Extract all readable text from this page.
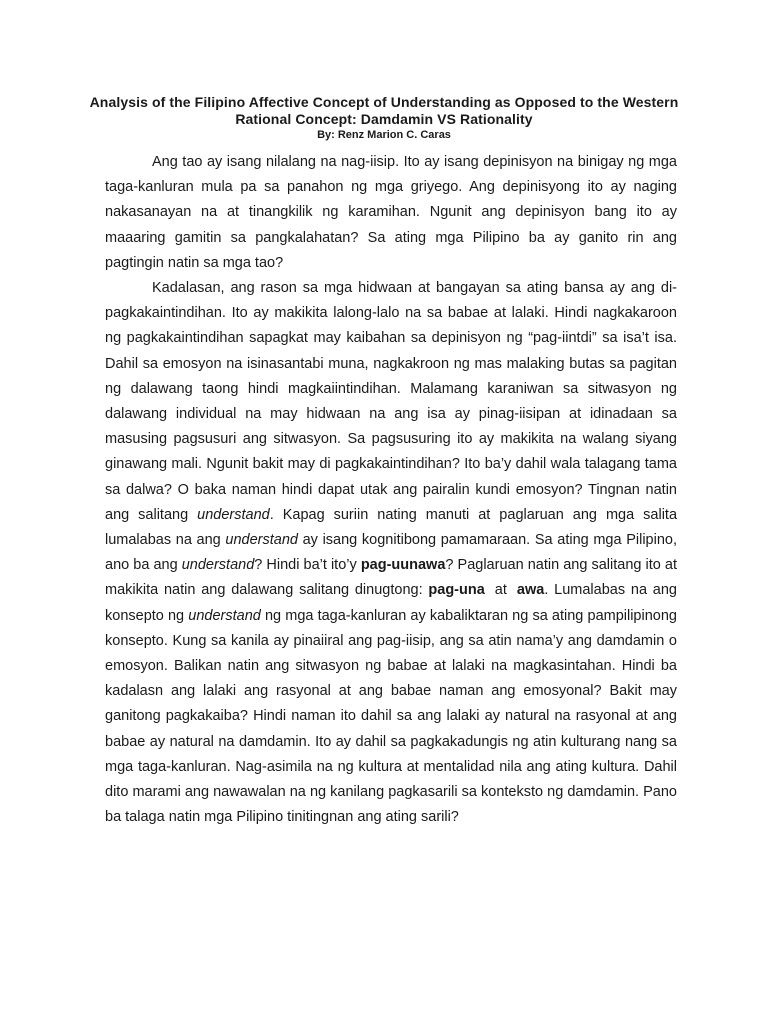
Analysis of the Filipino Affective Concept of Understanding as Opposed to the Western Rational Concept: Damdamin VS Rationality

By: Renz Marion C. Caras

Ang tao ay isang nilalang na nag-iisip. Ito ay isang depinisyon na binigay ng mga taga-kanluran mula pa sa panahon ng mga griyego. Ang depinisyong ito ay naging nakasanayan na at tinangkilik ng karamihan. Ngunit ang depinisyon bang ito ay maaaring gamitin sa pangkalahatan? Sa ating mga Pilipino ba ay ganito rin ang pagtingin natin sa mga tao?

Kadalasan, ang rason sa mga hidwaan at bangayan sa ating bansa ay ang di-pagkakaintindihan. Ito ay makikita lalong-lalo na sa babae at lalaki. Hindi nagkakaroon ng pagkakaintindihan sapagkat may kaibahan sa depinisyon ng “pag-iintdi” sa isa’t isa. Dahil sa emosyon na isinasantabi muna, nagkakroon ng mas malaking butas sa pagitan ng dalawang taong hindi magkaiintindihan. Malamang karaniwan sa sitwasyon ng dalawang individual na may hidwaan na ang isa ay pinag-iisipan at idinadaan sa masusing pagsusuri ang sitwasyon. Sa pagsusuring ito ay makikita na walang siyang ginawang mali. Ngunit bakit may di pagkakaintindihan? Ito ba’y dahil wala talagang tama sa dalwa? O baka naman hindi dapat utak ang pairalin kundi emosyon? Tingnan natin ang salitang understand. Kapag suriin nating manuti at paglaruan ang mga salita lumalabas na ang understand ay isang kognitibong pamamaraan. Sa ating mga Pilipino, ano ba ang understand? Hindi ba’t ito’y pag-uunawa? Paglaruan natin ang salitang ito at makikita natin ang dalawang salitang dinugtong: pag-una at awa. Lumalabas na ang konsepto ng understand ng mga taga-kanluran ay kabaliktaran ng sa ating pampilipinong konsepto. Kung sa kanila ay pinaiiral ang pag-iisip, ang sa atin nama’y ang damdamin o emosyon. Balikan natin ang sitwasyon ng babae at lalaki na magkasintahan. Hindi ba kadalasn ang lalaki ang rasyonal at ang babae naman ang emosyonal? Bakit may ganitong pagkakaiba? Hindi naman ito dahil sa ang lalaki ay natural na rasyonal at ang babae ay natural na damdamin. Ito ay dahil sa pagkakadungis ng atin kulturang nang sa mga taga-kanluran. Nag-asimila na ng kultura at mentalidad nila ang ating kultura. Dahil dito marami ang nawawalan na ng kanilang pagkasarili sa konteksto ng damdamin. Pano ba talaga natin mga Pilipino tinitingnan ang ating sarili?
